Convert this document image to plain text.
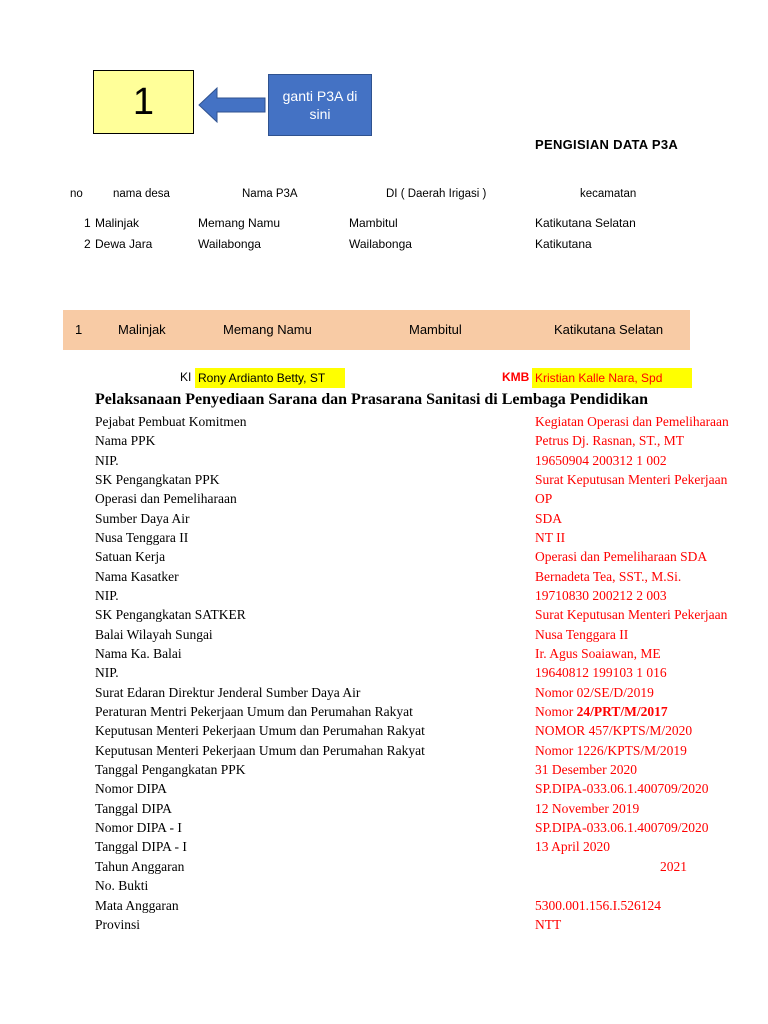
1	ganti P3A di sini
PENGISIAN DATA P3A
no	nama desa	Nama P3A	DI ( Daerah Irigasi )	kecamatan
1 Malinjak	Memang Namu	Mambitul	Katikutana Selatan
2 Dewa Jara	Wailabonga	Wailabonga	Katikutana
1	Malinjak	Memang Namu	Mambitul	Katikutana Selatan
KI Rony Ardianto Betty, ST	KMB Kristian Kalle Nara, Spd
Pelaksanaan Penyediaan Sarana dan Prasarana Sanitasi di Lembaga Pendidikan
Pejabat Pembuat Komitmen	Kegiatan Operasi dan Pemeliharaan
Nama PPK	Petrus Dj. Rasnan, ST., MT
NIP.	19650904 200312 1 002
SK Pengangkatan PPK	Surat Keputusan Menteri Pekerjaan
Operasi dan Pemeliharaan	OP
Sumber Daya Air	SDA
Nusa Tenggara II	NT II
Satuan Kerja	Operasi dan Pemeliharaan SDA
Nama Kasatker	Bernadeta Tea, SST., M.Si.
NIP.	19710830 200212 2 003
SK Pengangkatan SATKER	Surat Keputusan Menteri Pekerjaan
Balai Wilayah Sungai	Nusa Tenggara II
Nama Ka. Balai	Ir. Agus Soaiawan, ME
NIP.	19640812 199103 1 016
Surat Edaran Direktur Jenderal Sumber Daya Air	Nomor 02/SE/D/2019
Peraturan Mentri Pekerjaan Umum dan Perumahan Rakyat	Nomor 24/PRT/M/2017
Keputusan Menteri Pekerjaan Umum dan Perumahan Rakyat	NOMOR 457/KPTS/M/2020
Keputusan Menteri Pekerjaan Umum dan Perumahan Rakyat	Nomor 1226/KPTS/M/2019
Tanggal Pengangkatan PPK	31 Desember 2020
Nomor DIPA	SP.DIPA-033.06.1.400709/2020
Tanggal DIPA	12 November 2019
Nomor DIPA - I	SP.DIPA-033.06.1.400709/2020
Tanggal DIPA - I	13 April 2020
Tahun Anggaran	2021
No. Bukti
Mata Anggaran	5300.001.156.I.526124
Provinsi	NTT
